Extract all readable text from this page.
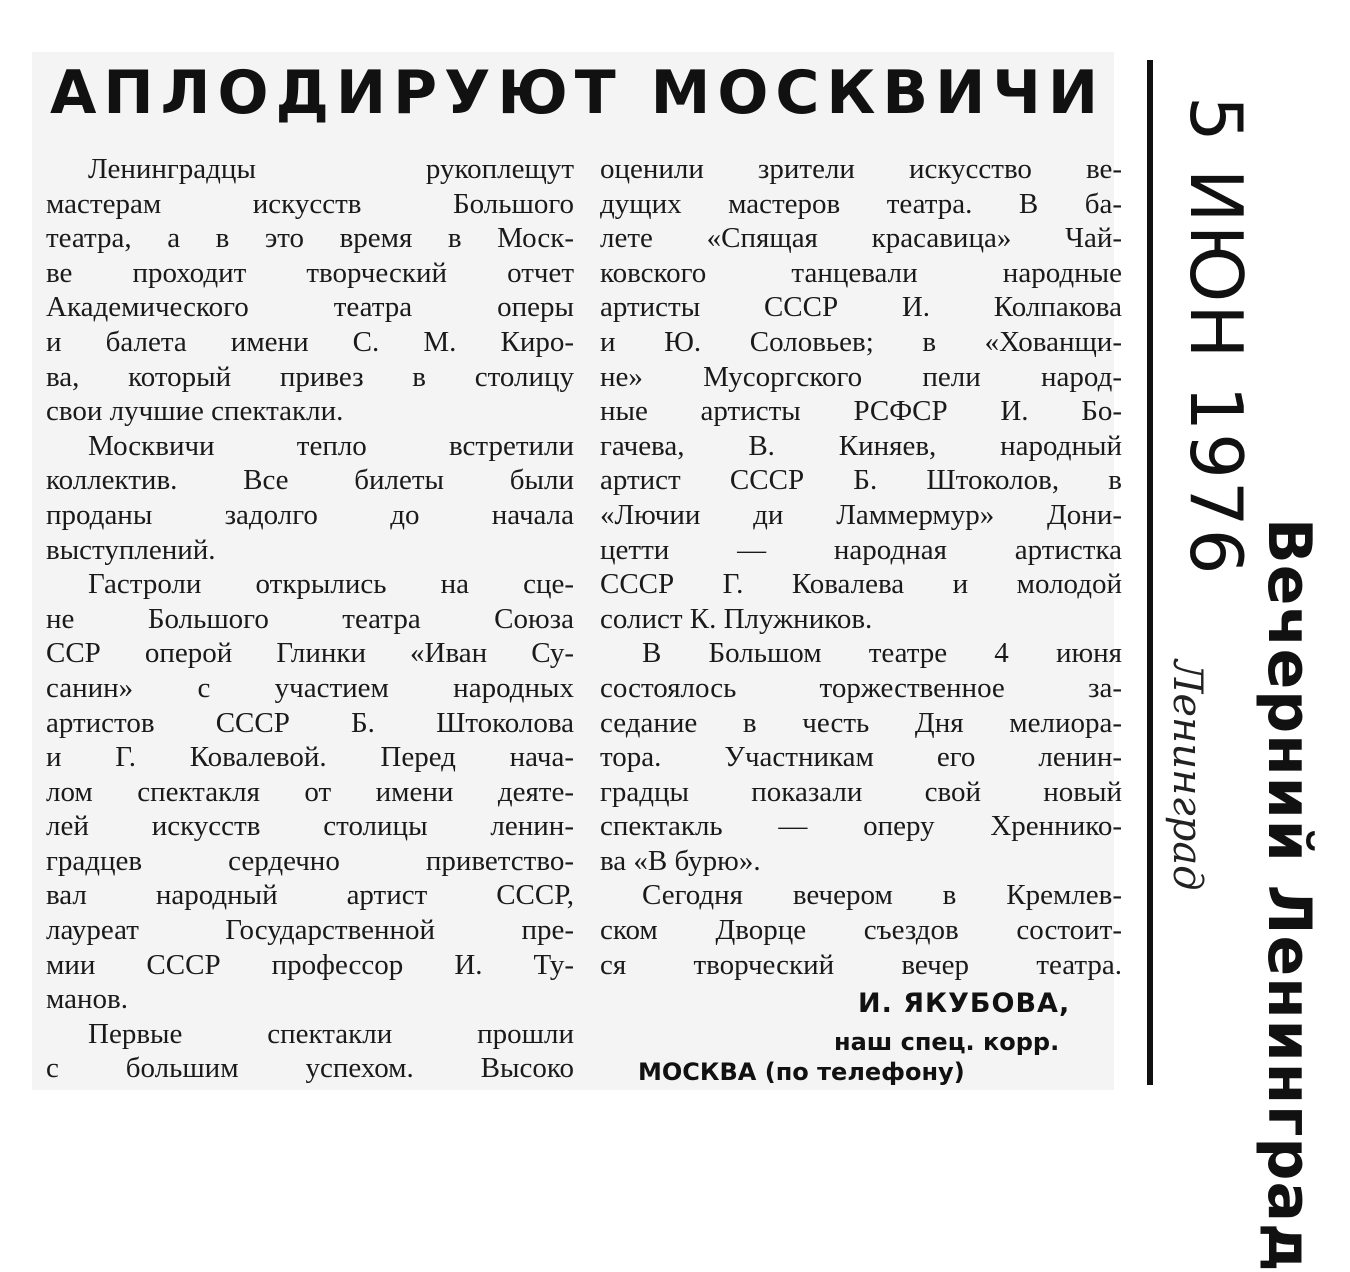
АПЛОДИРУЮТ МОСКВИЧИ
Ленинградцы рукоплещут
мастерам искусств Большого
театра, а в это время в Моск-
ве проходит творческий отчет
Академического театра оперы
и балета имени С. М. Киро-
ва, который привез в столицу
свои лучшие спектакли.
Москвичи тепло встретили
коллектив. Все билеты были
проданы задолго до начала
выступлений.
Гастроли открылись на сце-
не Большого театра Союза
ССР оперой Глинки «Иван Су-
санин» с участием народных
артистов СССР Б. Штоколова
и Г. Ковалевой. Перед нача-
лом спектакля от имени деяте-
лей искусств столицы ленин-
градцев сердечно приветство-
вал народный артист СССР,
лауреат Государственной пре-
мии СССР профессор И. Ту-
манов.
Первые спектакли прошли
с большим успехом. Высоко
оценили зрители искусство ве-
дущих мастеров театра. В ба-
лете «Спящая красавица» Чай-
ковского танцевали народные
артисты СССР И. Колпакова
и Ю. Соловьев; в «Хованщи-
не» Мусоргского пели народ-
ные артисты РСФСР И. Бо-
гачева, В. Киняев, народный
артист СССР Б. Штоколов, в
«Лючии ди Ламмермур» Дони-
цетти — народная артистка
СССР Г. Ковалева и молодой
солист К. Плужников.
В Большом театре 4 июня
состоялось торжественное за-
седание в честь Дня мелиора-
тора. Участникам его ленин-
градцы показали свой новый
спектакль — оперу Хреннико-
ва «В бурю».
Сегодня вечером в Кремлев-
ском Дворце съездов состоит-
ся творческий вечер театра.
И. ЯКУБОВА,
наш спец. корр.
МОСКВА (по телефону)
5 ИЮН 1976
Вечерний Ленинград
Ленинград
